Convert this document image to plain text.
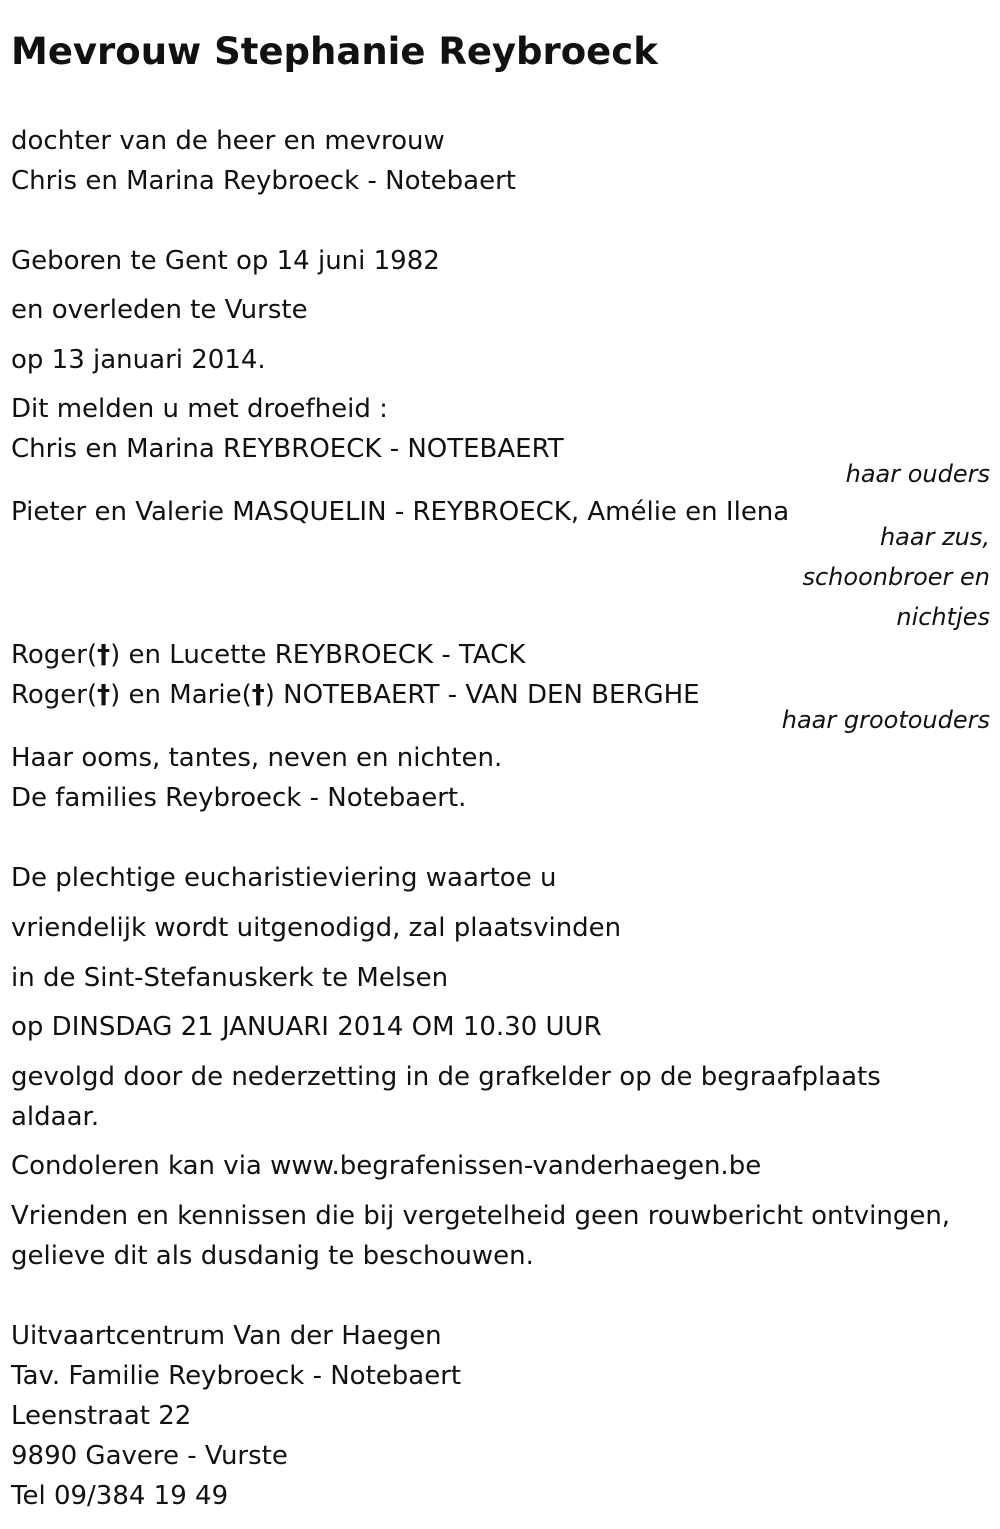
Mevrouw Stephanie Reybroeck
dochter van de heer en mevrouw
Chris en Marina Reybroeck - Notebaert
Geboren te Gent op 14 juni 1982
en overleden te Vurste
op 13 januari 2014.
Dit melden u met droefheid :
Chris en Marina REYBROECK - NOTEBAERT
haar ouders
Pieter en Valerie MASQUELIN - REYBROECK, Amélie en Ilena
haar zus,
schoonbroer en
nichtjes
Roger(†) en Lucette REYBROECK - TACK
Roger(†) en Marie(†) NOTEBAERT - VAN DEN BERGHE
haar grootouders
Haar ooms, tantes, neven en nichten.
De families Reybroeck - Notebaert.
De plechtige eucharistieviering waartoe u
vriendelijk wordt uitgenodigd, zal plaatsvinden
in de Sint-Stefanuskerk te Melsen
op DINSDAG 21 JANUARI 2014 OM 10.30 UUR
gevolgd door de nederzetting in de grafkelder op de begraafplaats
aldaar.
Condoleren kan via www.begrafenissen-vanderhaegen.be
Vrienden en kennissen die bij vergetelheid geen rouwbericht ontvingen,
gelieve dit als dusdanig te beschouwen.
Uitvaartcentrum Van der Haegen
Tav. Familie Reybroeck - Notebaert
Leenstraat 22
9890 Gavere - Vurste
Tel 09/384 19 49
